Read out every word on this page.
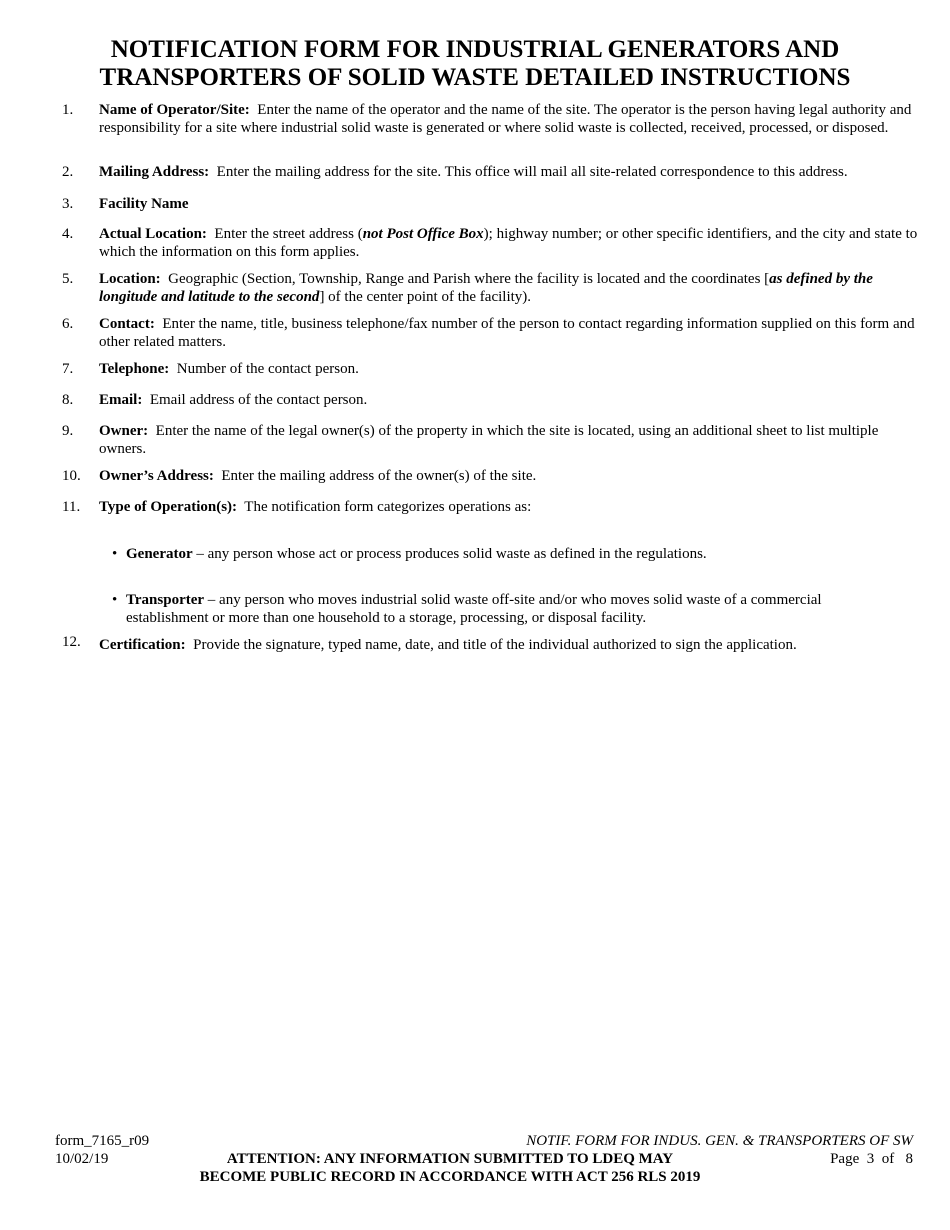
NOTIFICATION FORM FOR INDUSTRIAL GENERATORS AND
TRANSPORTERS OF SOLID WASTE DETAILED INSTRUCTIONS
1. Name of Operator/Site: Enter the name of the operator and the name of the site. The operator is the person having legal authority and responsibility for a site where industrial solid waste is generated or where solid waste is collected, received, processed, or disposed.
2. Mailing Address: Enter the mailing address for the site. This office will mail all site-related correspondence to this address.
3. Facility Name
4. Actual Location: Enter the street address (not Post Office Box); highway number; or other specific identifiers, and the city and state to which the information on this form applies.
5. Location: Geographic (Section, Township, Range and Parish where the facility is located and the coordinates [as defined by the longitude and latitude to the second] of the center point of the facility).
6. Contact: Enter the name, title, business telephone/fax number of the person to contact regarding information supplied on this form and other related matters.
7. Telephone: Number of the contact person.
8. Email: Email address of the contact person.
9. Owner: Enter the name of the legal owner(s) of the property in which the site is located, using an additional sheet to list multiple owners.
10. Owner’s Address: Enter the mailing address of the owner(s) of the site.
11. Type of Operation(s): The notification form categorizes operations as:
• Generator – any person whose act or process produces solid waste as defined in the regulations.
• Transporter – any person who moves industrial solid waste off-site and/or who moves solid waste of a commercial establishment or more than one household to a storage, processing, or disposal facility.
12. Certification: Provide the signature, typed name, date, and title of the individual authorized to sign the application.
form_7165_r09
10/02/19
NOTIF. FORM FOR INDUS. GEN. & TRANSPORTERS OF SW
Page  3  of   8
ATTENTION: ANY INFORMATION SUBMITTED TO LDEQ MAY
BECOME PUBLIC RECORD IN ACCORDANCE WITH ACT 256 RLS 2019
